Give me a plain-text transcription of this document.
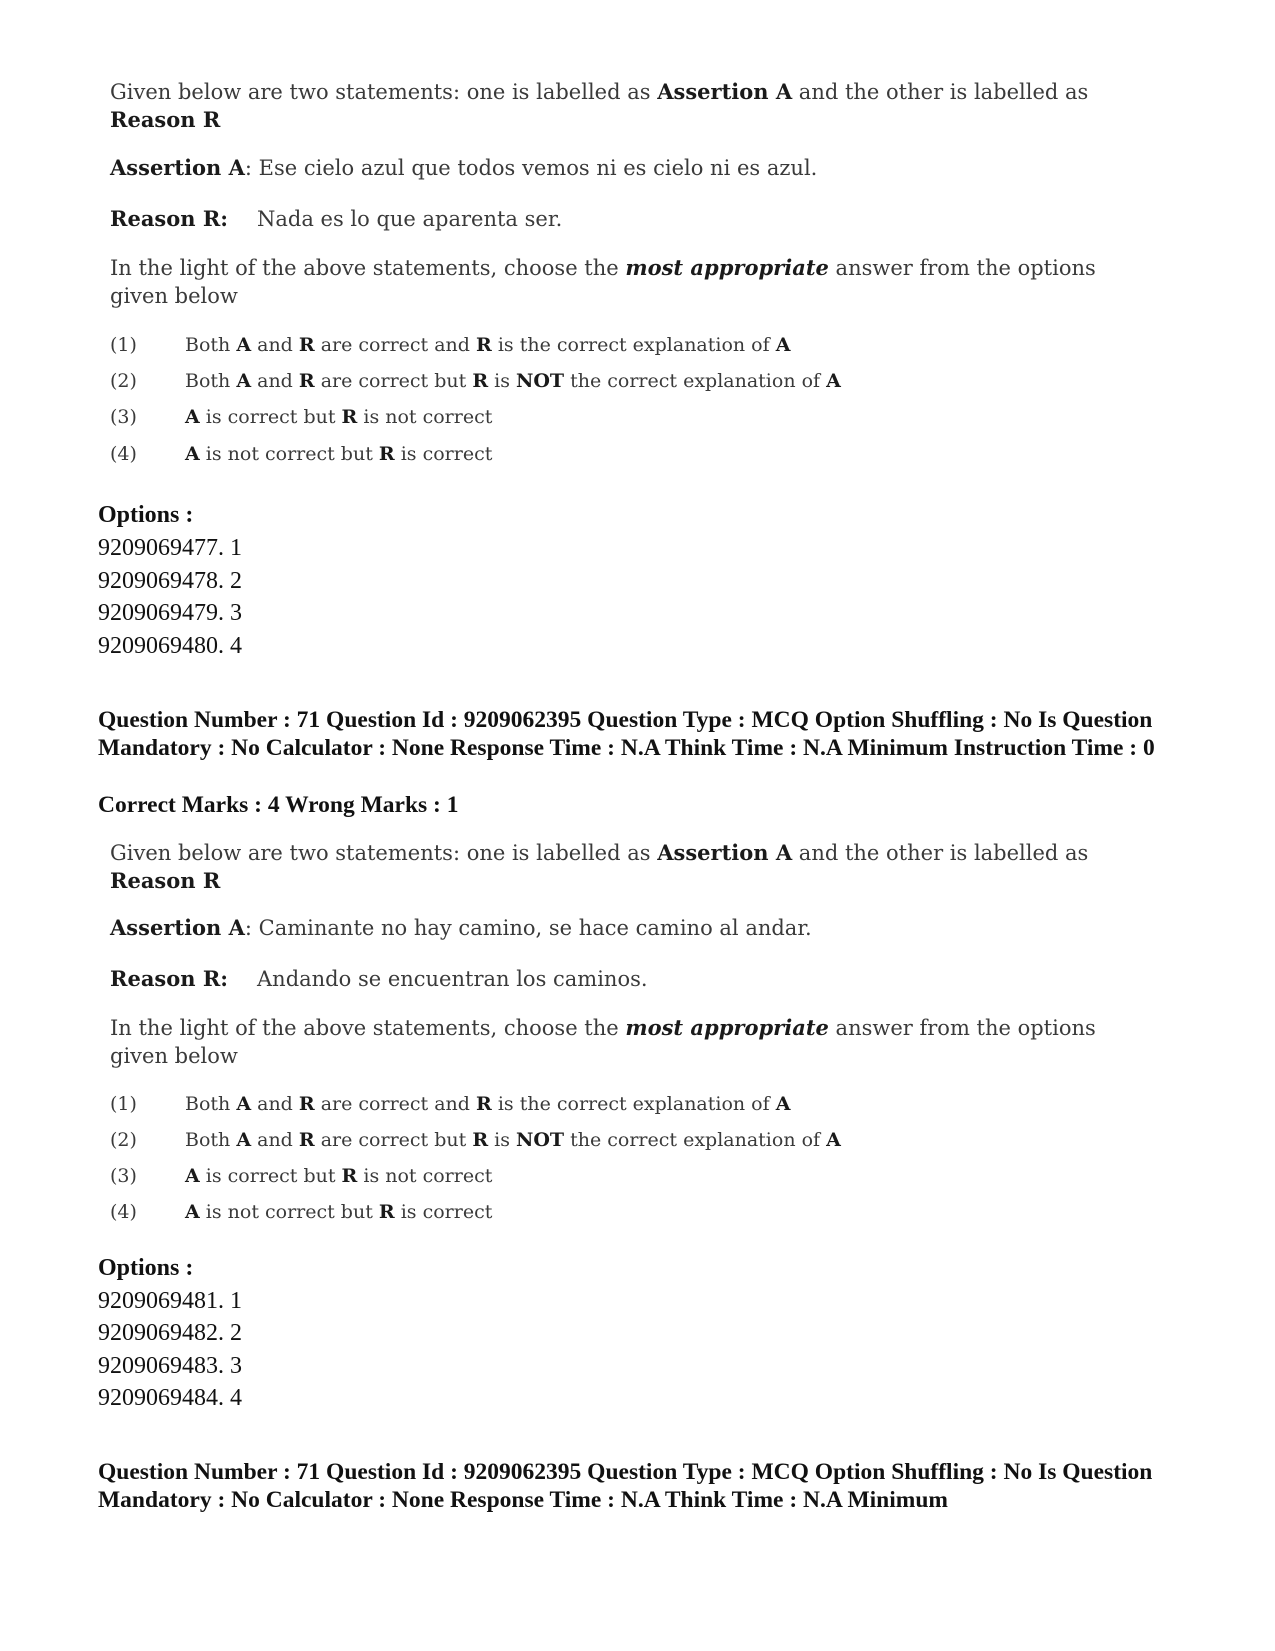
Given below are two statements: one is labelled as Assertion A and the other is labelled as
Reason R

Assertion A: Ese cielo azul que todos vemos ni es cielo ni es azul.

Reason R: Nada es lo que aparenta ser.

In the light of the above statements, choose the most appropriate answer from the options
given below

(1)	Both A and R are correct and R is the correct explanation of A
(2)	Both A and R are correct but R is NOT the correct explanation of A
(3)	A is correct but R is not correct
(4)	A is not correct but R is correct
Options :
9209069477. 1
9209069478. 2
9209069479. 3
9209069480. 4
Question Number : 71 Question Id : 9209062395 Question Type : MCQ Option Shuffling : No Is Question Mandatory : No Calculator : None Response Time : N.A Think Time : N.A Minimum Instruction Time : 0
Correct Marks : 4 Wrong Marks : 1

Given below are two statements: one is labelled as Assertion A and the other is labelled as
Reason R

Assertion A: Caminante no hay camino, se hace camino al andar.

Reason R: Andando se encuentran los caminos.

In the light of the above statements, choose the most appropriate answer from the options
given below

(1)	Both A and R are correct and R is the correct explanation of A
(2)	Both A and R are correct but R is NOT the correct explanation of A
(3)	A is correct but R is not correct
(4)	A is not correct but R is correct
Options :
9209069481. 1
9209069482. 2
9209069483. 3
9209069484. 4
Question Number : 71 Question Id : 9209062395 Question Type : MCQ Option Shuffling : No Is Question Mandatory : No Calculator : None Response Time : N.A Think Time : N.A Minimum
